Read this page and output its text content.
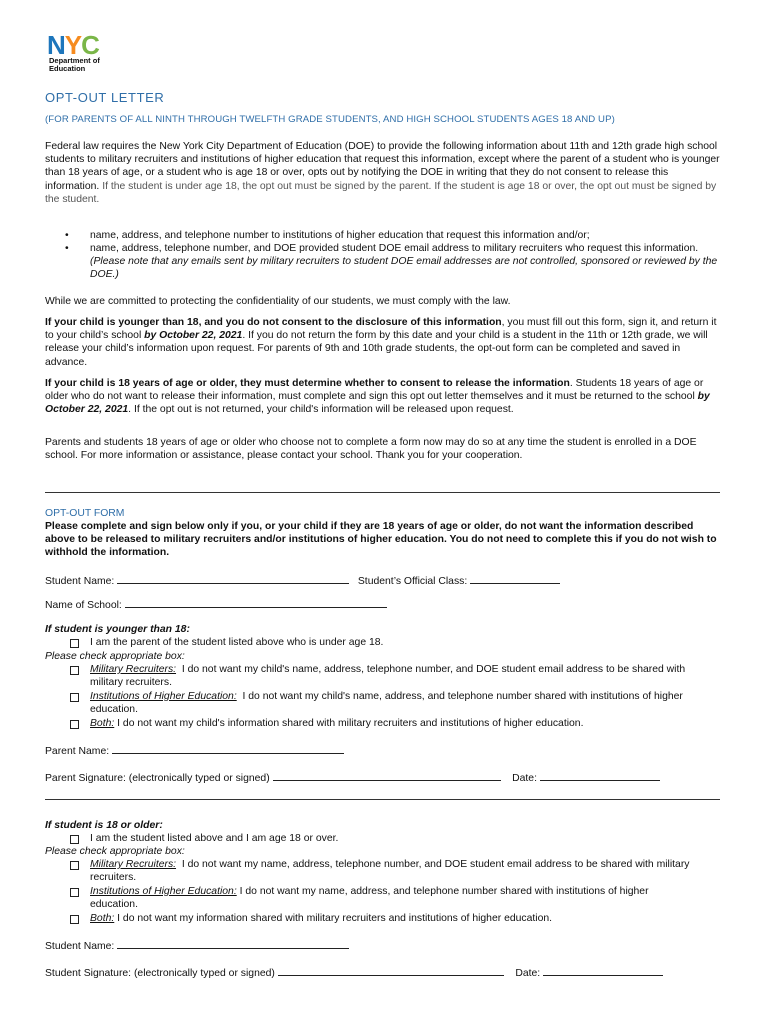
NYC
Department of
Education
OPT-OUT LETTER
(FOR PARENTS OF ALL NINTH THROUGH TWELFTH GRADE STUDENTS, AND HIGH SCHOOL STUDENTS AGES 18 AND UP)
Federal law requires the New York City Department of Education (DOE) to provide the following information about 11th and 12th grade high school students to military recruiters and institutions of higher education that request this information, except where the parent of a student who is younger than 18 years of age, or a student who is age 18 or over, opts out by notifying the DOE in writing that they do not consent to release this information. If the student is under age 18, the opt out must be signed by the parent. If the student is age 18 or over, the opt out must be signed by the student.
• name, address, and telephone number to institutions of higher education that request this information and/or;
• name, address, telephone number, and DOE provided student DOE email address to military recruiters who request this information. (Please note that any emails sent by military recruiters to student DOE email addresses are not controlled, sponsored or reviewed by the DOE.)
While we are committed to protecting the confidentiality of our students, we must comply with the law.
If your child is younger than 18, and you do not consent to the disclosure of this information, you must fill out this form, sign it, and return it to your child’s school by October 22, 2021. If you do not return the form by this date and your child is a student in the 11th or 12th grade, we will release your child’s information upon request. For parents of 9th and 10th grade students, the opt-out form can be completed and saved in advance.
If your child is 18 years of age or older, they must determine whether to consent to release the information. Students 18 years of age or older who do not want to release their information, must complete and sign this opt out letter themselves and it must be returned to the school by October 22, 2021. If the opt out is not returned, your child's information will be released upon request.
Parents and students 18 years of age or older who choose not to complete a form now may do so at any time the student is enrolled in a DOE school. For more information or assistance, please contact your school. Thank you for your cooperation.
OPT-OUT FORM
Please complete and sign below only if you, or your child if they are 18 years of age or older, do not want the information described above to be released to military recruiters and/or institutions of higher education. You do not need to complete this if you do not wish to withhold the information.
Student Name:	Student’s Official Class:
Name of School:
If student is younger than 18:
I am the parent of the student listed above who is under age 18.
Please check appropriate box:
Military Recruiters: I do not want my child's name, address, telephone number, and DOE student email address to be shared with military recruiters.
Institutions of Higher Education: I do not want my child's name, address, and telephone number shared with institutions of higher education.
Both: I do not want my child's information shared with military recruiters and institutions of higher education.
Parent Name:
Parent Signature: (electronically typed or signed)	Date:
If student is 18 or older:
I am the student listed above and I am age 18 or over.
Please check appropriate box:
Military Recruiters: I do not want my name, address, telephone number, and DOE student email address to be shared with military recruiters.
Institutions of Higher Education: I do not want my name, address, and telephone number shared with institutions of higher education.
Both: I do not want my information shared with military recruiters and institutions of higher education.
Student Name:
Student Signature: (electronically typed or signed)	Date:
